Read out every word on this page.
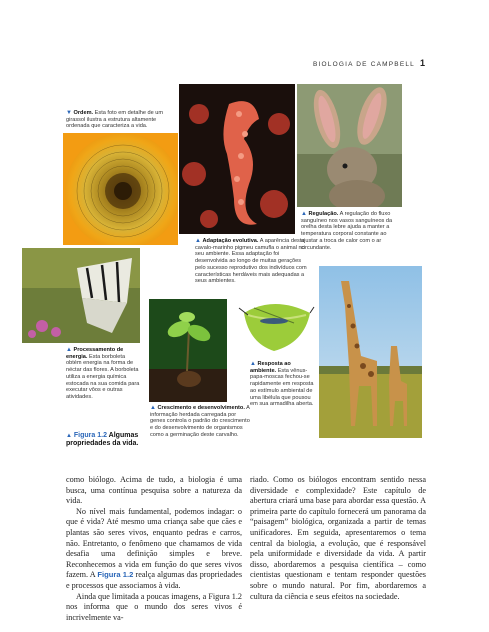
BIOLOGIA DE CAMPBELL 1
▼ Ordem. Esta foto em detalhe de um girassol ilustra a estrutura altamente ordenada que caracteriza a vida.
▲ Adaptação evolutiva. A aparência deste cavalo-marinho pigmeu camufla o animal no seu ambiente. Essa adaptação foi desenvolvida ao longo de muitas gerações pelo sucesso reprodutivo dos indivíduos com características herdáveis mais adequadas a seus ambientes.
▲ Regulação. A regulação do fluxo sanguíneo nos vasos sanguíneos da orelha desta lebre ajuda a manter a temperatura corporal constante ao ajustar a troca de calor com o ar circundante.
▲ Processamento de energia. Esta borboleta obtém energia na forma de néctar das flores. A borboleta utiliza a energia química estocada na sua comida para executar vôos e outras atividades.
▲ Resposta ao ambiente. Esta vênus-papa-moscas fechou-se rapidamente em resposta ao estímulo ambiental de uma libélula que pousou em sua armadilha aberta.
▲ Crescimento e desenvolvimento. A informação herdada carregada por genes controla o padrão do crescimento e do desenvolvimento de organismos como a germinação deste carvalho.
▲ Figura 1.2 Algumas propriedades da vida.

como biólogo. Acima de tudo, a biologia é uma busca, uma contínua pesquisa sobre a natureza da vida.

No nível mais fundamental, podemos indagar: o que é vida? Até mesmo uma criança sabe que cães e plantas são seres vivos, enquanto pedras e carros, não. Entretanto, o fenômeno que chamamos de vida desafia uma definição simples e breve. Reconhecemos a vida em função do que seres vivos fazem. A Figura 1.2 realça algumas das propriedades e processos que associamos à vida.

Ainda que limitada a poucas imagens, a Figura 1.2 nos informa que o mundo dos seres vivos é incrivelmente va-

riado. Como os biólogos encontram sentido nessa diversidade e complexidade? Este capítulo de abertura criará uma base para abordar essa questão. A primeira parte do capítulo fornecerá um panorama da “paisagem” biológica, organizada a partir de temas unificadores. Em seguida, apresentaremos o tema central da biologia, a evolução, que é responsável pela uniformidade e diversidade da vida. A partir disso, abordaremos a pesquisa científica – como cientistas questionam e tentam responder questões sobre o mundo natural. Por fim, abordaremos a cultura da ciência e seus efeitos na sociedade.
